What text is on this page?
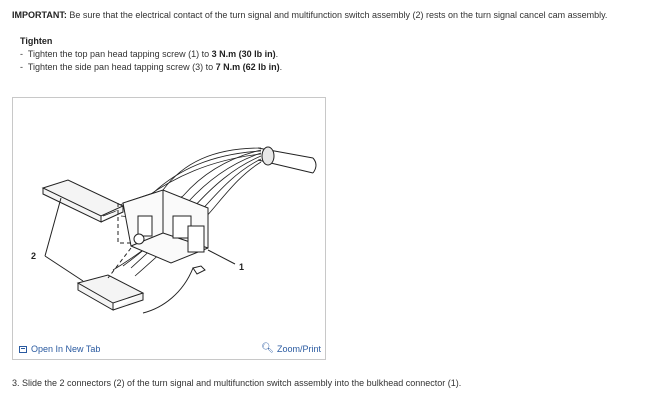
IMPORTANT: Be sure that the electrical contact of the turn signal and multifunction switch assembly (2) rests on the turn signal cancel cam assembly.
Tighten
-  Tighten the top pan head tapping screw (1) to 3 N.m (30 lb in).
-  Tighten the side pan head tapping screw (3) to 7 N.m (62 lb in).
2
1
Open In New Tab	🔍︎ Zoom/Print
3. Slide the 2 connectors (2) of the turn signal and multifunction switch assembly into the bulkhead connector (1).
